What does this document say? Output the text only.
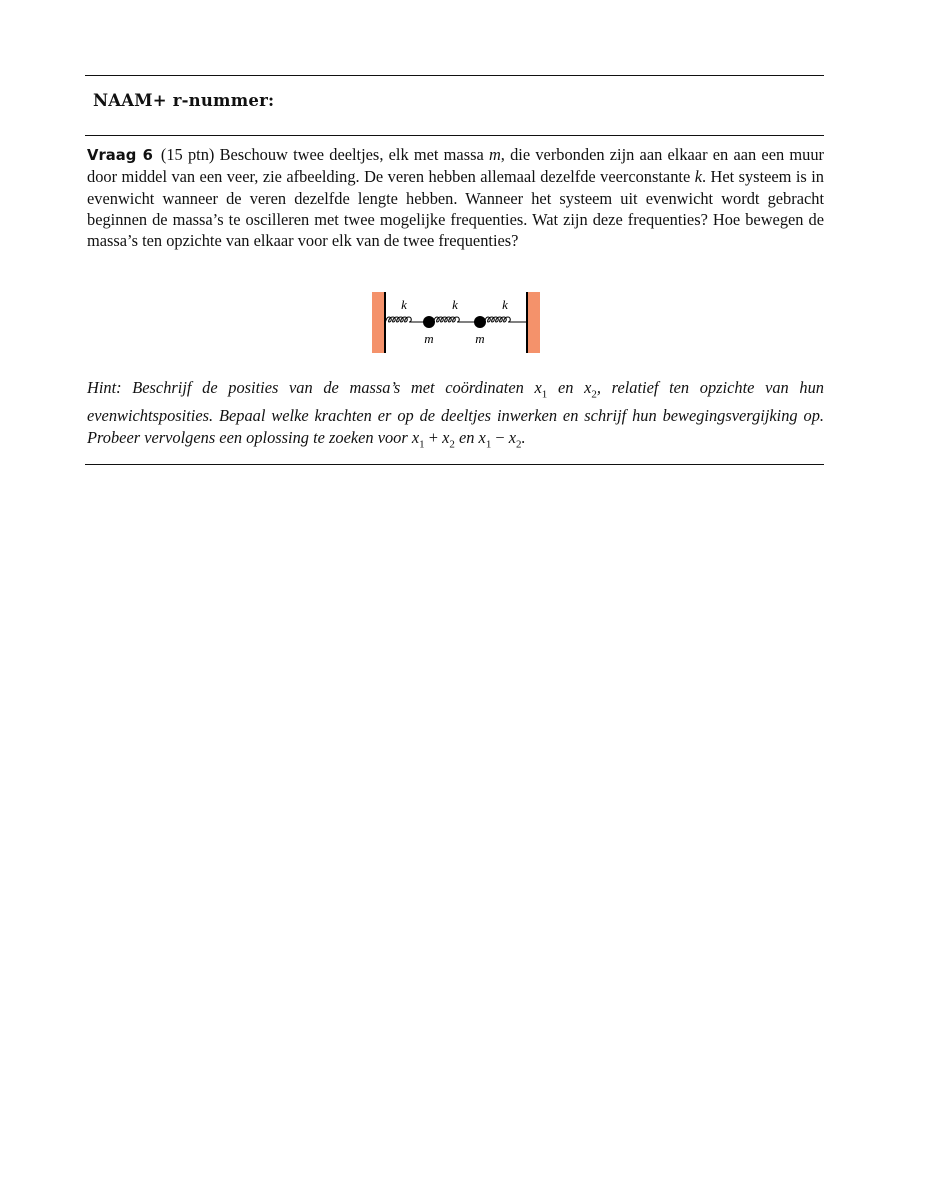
NAAM+ r-nummer:
Vraag 6 (15 ptn) Beschouw twee deeltjes, elk met massa m, die verbonden zijn aan elkaar en aan een muur door middel van een veer, zie afbeelding. De veren hebben allemaal dezelfde veerconstante k. Het systeem is in evenwicht wanneer de veren dezelfde lengte hebben. Wanneer het systeem uit evenwicht wordt gebracht beginnen de massa’s te oscilleren met twee mogelijke frequenties. Wat zijn deze frequenties? Hoe bewegen de massa’s ten opzichte van elkaar voor elk van de twee frequenties?
k	k	k
m	m
Hint: Beschrijf de posities van de massa’s met coördinaten $x_1$ en $x_2$, relatief ten opzichte van hun evenwichtsposities. Bepaal welke krachten er op de deeltjes inwerken en schrijf hun bewegingsvergijking op. Probeer vervolgens een oplossing te zoeken voor $x_1 + x_2$ en $x_1 - x_2$.
